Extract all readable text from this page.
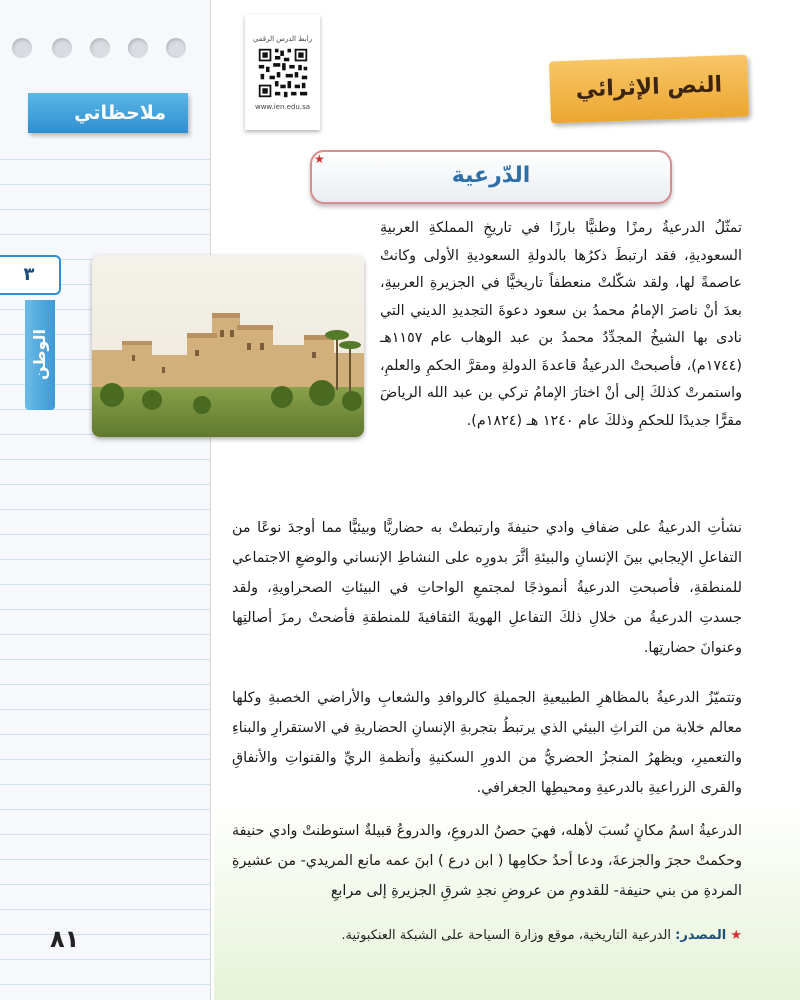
ملاحظاتي
٣
الوطن
٨١
رابط الدرس الرقمي
www.ien.edu.sa
النص الإثرائي
الدّرعية
★

تمثّلُ الدرعيةُ رمزًا وطنيًّا بارزًا في تاريخِ المملكةِ العربيةِ السعوديةِ، فقد ارتبطَ ذكرُها بالدولةِ السعوديةِ الأولى وكانتْ عاصمةً لها، ولقد شكّلتْ منعطفاً تاريخيًّا في الجزيرةِ العربيةِ، بعدَ أنْ ناصرَ الإمامُ محمدُ بن سعود دعوةَ التجديدِ الديني التي نادى بها الشيخُ المجدِّدُ محمدُ بن عبد الوهاب عام ١١٥٧هـ (١٧٤٤م)، فأصبحتْ الدرعيةُ قاعدةَ الدولةِ ومقرَّ الحكمِ والعلمِ، واستمرتْ كذلكَ إلى أنْ اختارَ الإمامُ تركي بن عبد الله الرياضَ مقرًّا جديدًا للحكمِ وذلكَ عام ١٢٤٠ هـ (١٨٢٤م).

نشأتِ الدرعيةُ على ضفافِ وادي حنيفةَ وارتبطتْ به حضاريًّا وبيئيًّا مما أوجدَ نوعًا من التفاعلِ الإيجابي بينَ الإنسانِ والبيئةِ أثَّرَ بدورِه على النشاطِ الإنساني والوضعِ الاجتماعي للمنطقةِ، فأصبحتِ الدرعيةُ أنموذجًا لمجتمعِ الواحاتِ في البيئاتِ الصحراويةِ، ولقد جسدتِ الدرعيةُ من خلالِ ذلكَ التفاعلِ الهويةَ الثقافيةَ للمنطقةِ فأضحتْ رمزَ أصالتِها وعنوانَ حضارتِها.

وتتميّزُ الدرعيةُ بالمظاهرِ الطبيعيةِ الجميلةِ كالروافدِ والشعابِ والأراضي الخصبةِ وكلها معالم خلابة من التراثِ البيئي الذي يرتبطُ بتجربةِ الإنسانِ الحضاريةِ في الاستقرارِ والبناءِ والتعميرِ، ويظهرُ المنجزُ الحضريُّ من الدورِ السكنيةِ وأنظمةِ الريِّ والقنواتِ والأنفاقِ والقرى الزراعيةِ بالدرعيةِ ومحيطِها الجغرافي.

الدرعيةُ اسمُ مكانٍ نُسبَ لأهله، فهيَ حصنُ الدروعِ، والدروعُ قبيلةٌ استوطنتْ وادي حنيفة وحكمتْ حجرَ والجزعةَ، ودعا أحدُ حكامِها ( ابن درع ) ابنَ عمه مانع المريدي- من عشيرةِ المردةِ من بني حنيفة- للقدومِ من عروضِ نجدِ شرقِ الجزيرةِ إلى مرابعِ

★ المصدر: الدرعية التاريخية، موقع وزارة السياحة على الشبكة العنكبوتية.
